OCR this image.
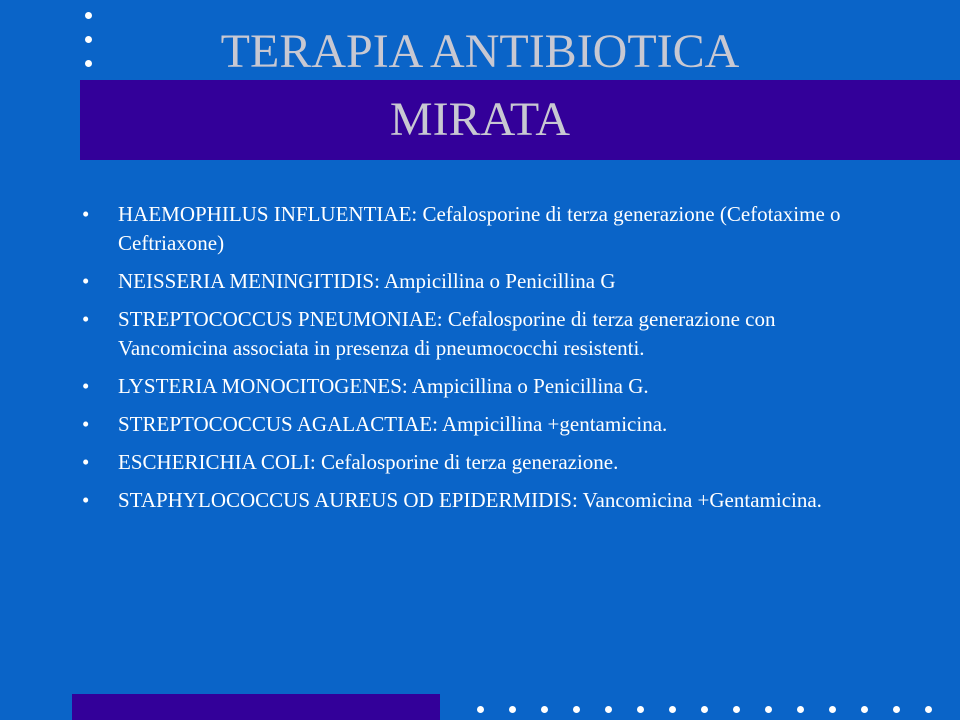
TERAPIA ANTIBIOTICA
MIRATA
• HAEMOPHILUS INFLUENTIAE: Cefalosporine di terza generazione (Cefotaxime o Ceftriaxone)
• NEISSERIA MENINGITIDIS: Ampicillina o Penicillina G
• STREPTOCOCCUS PNEUMONIAE: Cefalosporine di terza generazione con Vancomicina associata in presenza di pneumococchi resistenti.
• LYSTERIA MONOCITOGENES: Ampicillina o Penicillina G.
• STREPTOCOCCUS AGALACTIAE: Ampicillina +gentamicina.
• ESCHERICHIA COLI: Cefalosporine di terza generazione.
• STAPHYLOCOCCUS AUREUS OD EPIDERMIDIS: Vancomicina +Gentamicina.
